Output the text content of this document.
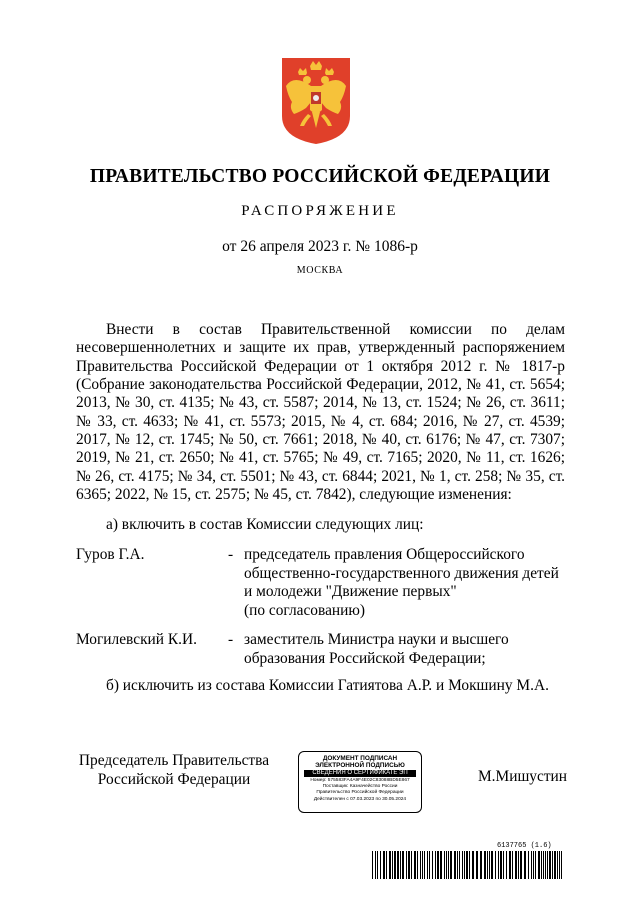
ПРАВИТЕЛЬСТВО РОССИЙСКОЙ ФЕДЕРАЦИИ
РАСПОРЯЖЕНИЕ
от 26 апреля 2023 г. № 1086-р
МОСКВА

Внести в состав Правительственной комиссии по делам несовершеннолетних и защите их прав, утвержденный распоряжением Правительства Российской Федерации от 1 октября 2012 г. № 1817-р (Собрание законодательства Российской Федерации, 2012, № 41, ст. 5654; 2013, № 30, ст. 4135; № 43, ст. 5587; 2014, № 13, ст. 1524; № 26, ст. 3611; № 33, ст. 4633; № 41, ст. 5573; 2015, № 4, ст. 684; 2016, № 27, ст. 4539; 2017, № 12, ст. 1745; № 50, ст. 7661; 2018, № 40, ст. 6176; № 47, ст. 7307; 2019, № 21, ст. 2650; № 41, ст. 5765; № 49, ст. 7165; 2020, № 11, ст. 1626; № 26, ст. 4175; № 34, ст. 5501; № 43, ст. 6844; 2021, № 1, ст. 258; № 35, ст. 6365; 2022, № 15, ст. 2575; № 45, ст. 7842), следующие изменения:

а) включить в состав Комиссии следующих лиц:
Гуров Г.А.	- председатель правления Общероссийского
общественно-государственного движения детей
и молодежи "Движение первых"
(по согласованию)
Могилевский К.И. - заместитель Министра науки и высшего
образования Российской Федерации;
б) исключить из состава Комиссии Гатиятова А.Р. и Мокшину М.А.
Председатель Правительства
Российской Федерации
ДОКУМЕНТ ПОДПИСАН
ЭЛЕКТРОННОЙ ПОДПИСЬЮ
СВЕДЕНИЯ О СЕРТИФИКАТЕ ЭП
Номер: 575583FA4A9F4E02C83088BD5E867
Поставщик: Казначейство России
Правительство Российской Федерации
Действителен с 07.03.2023 по 30.05.2024
М.Мишустин
6137765 (1.6)
